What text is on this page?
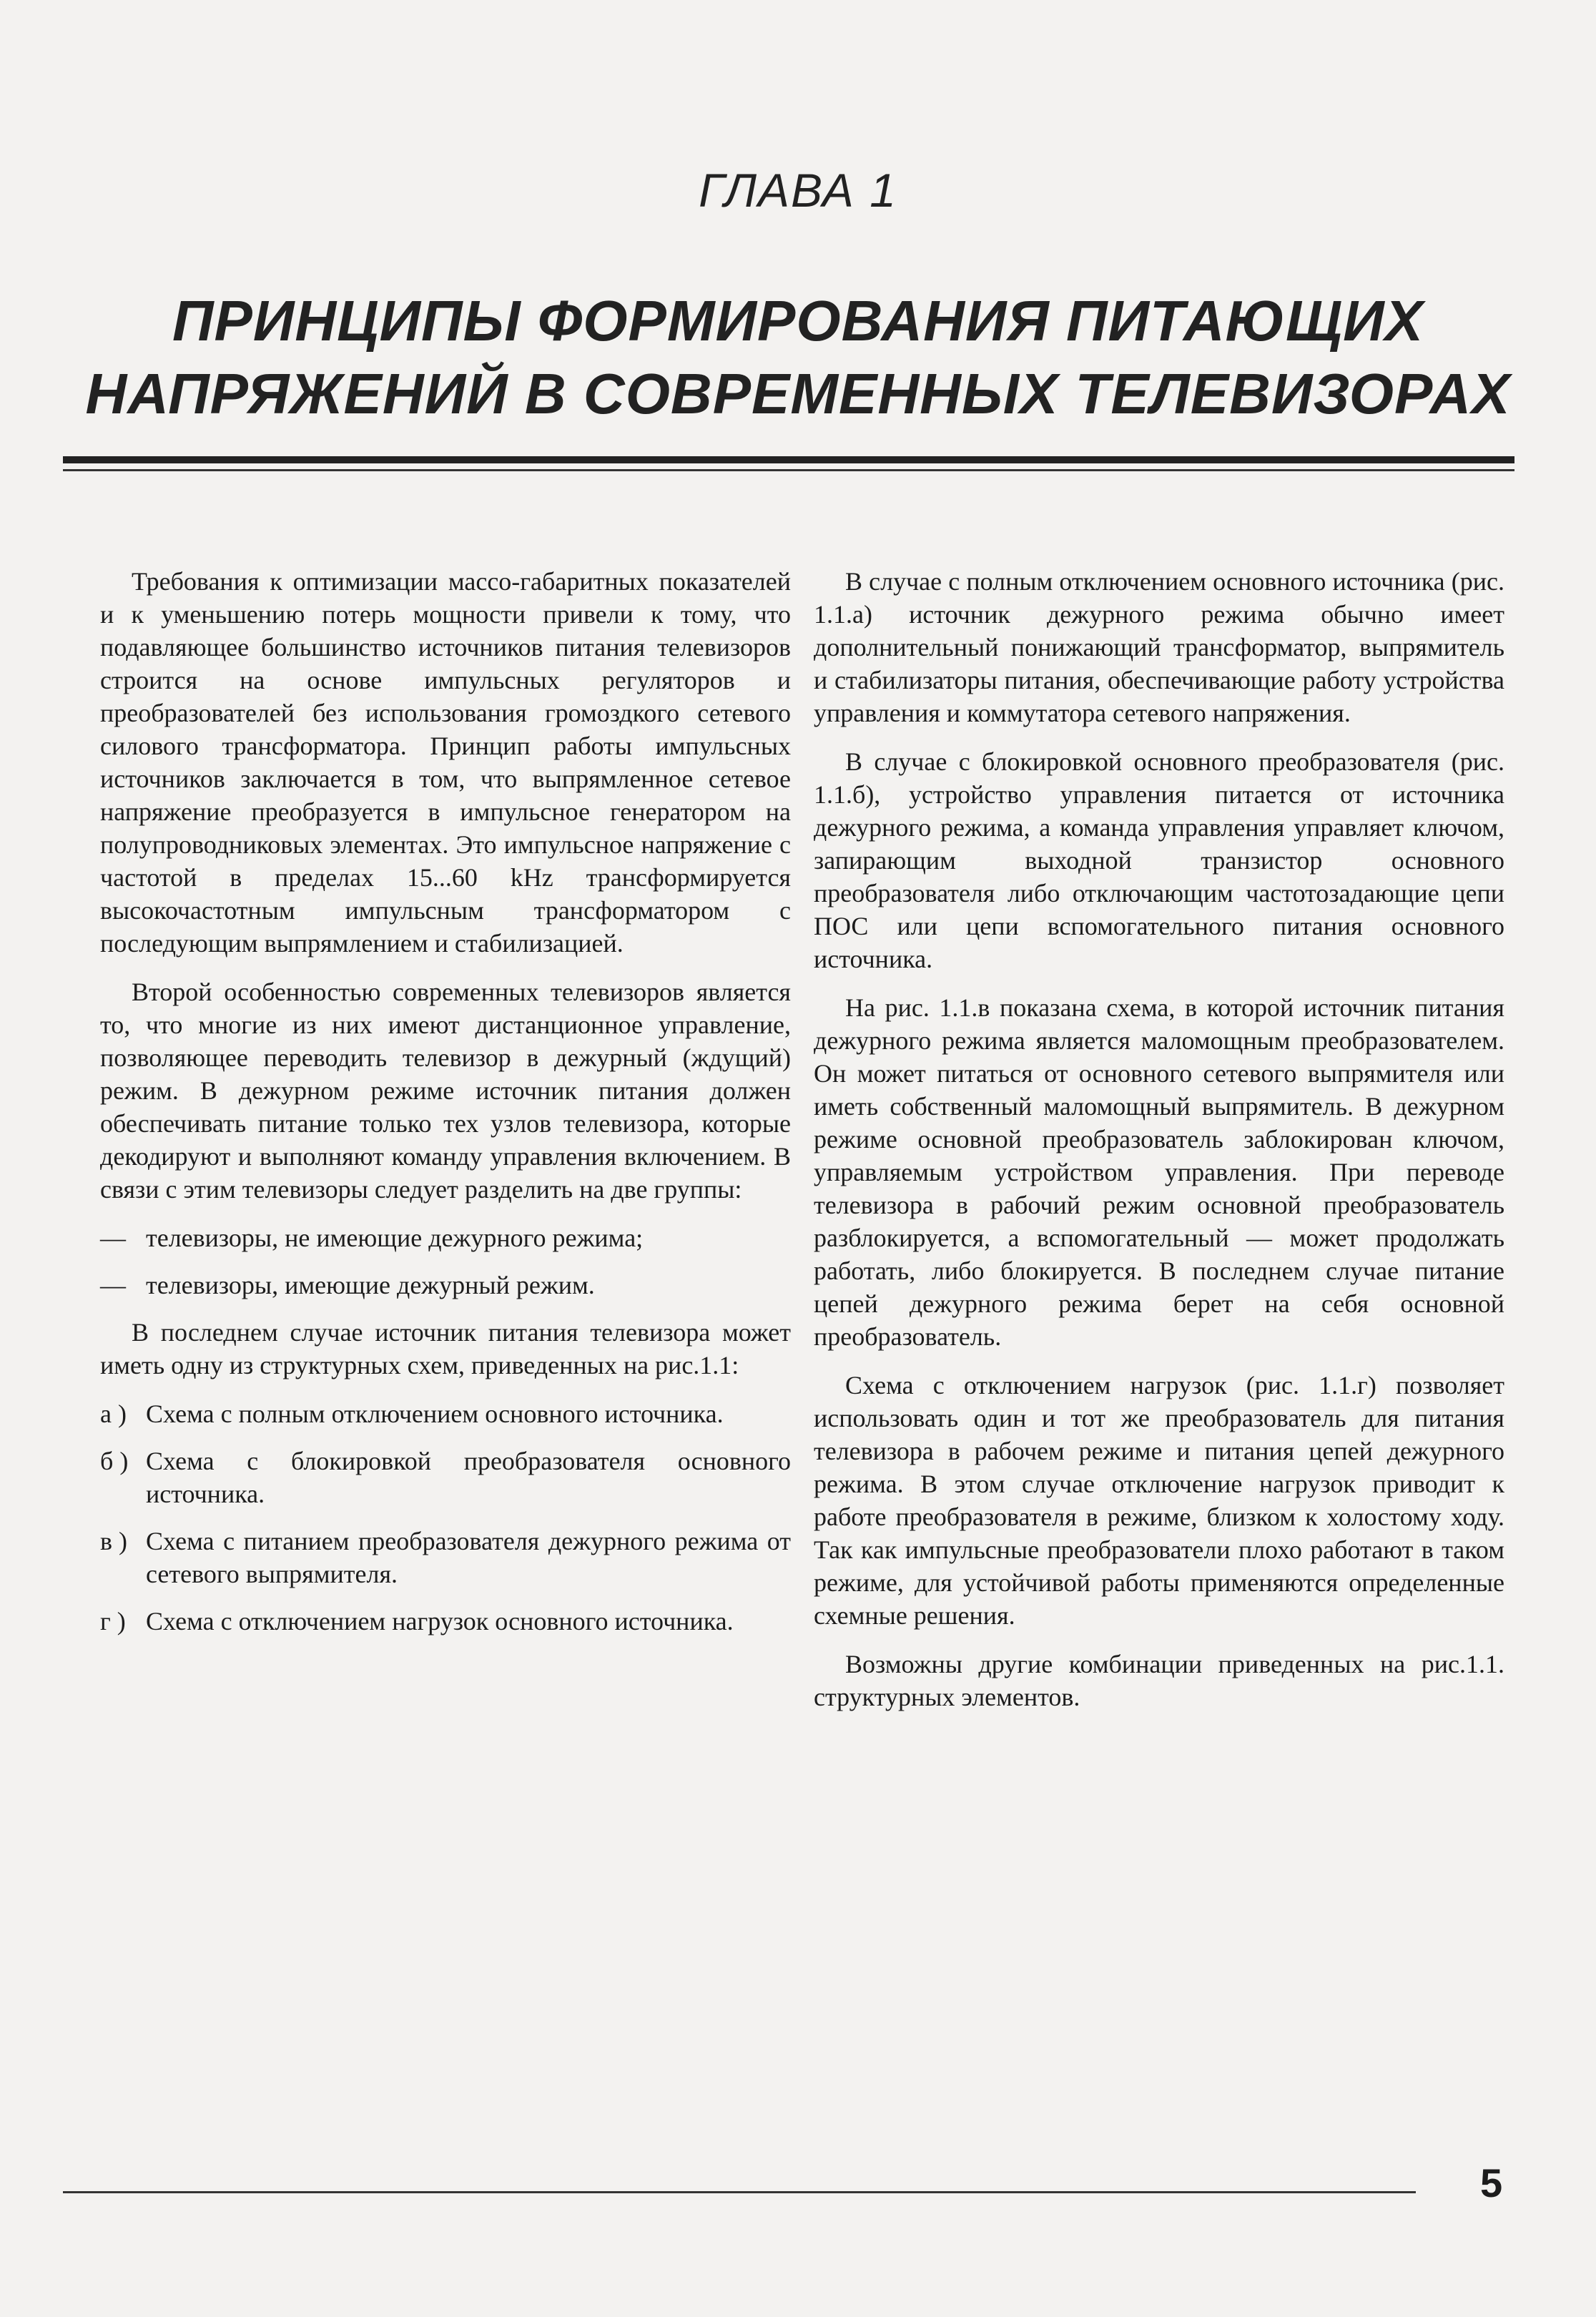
ГЛАВА 1
ПРИНЦИПЫ ФОРМИРОВАНИЯ ПИТАЮЩИХ
НАПРЯЖЕНИЙ В СОВРЕМЕННЫХ ТЕЛЕВИЗОРАХ

Требования к оптимизации массо-габаритных показателей и к уменьшению потерь мощности привели к тому, что подавляющее большинство источников питания телевизоров строится на основе импульсных регуляторов и преобразователей без использования громоздкого сетевого силового трансформатора. Принцип работы импульсных источников заключается в том, что выпрямленное сетевое напряжение преобразуется в импульсное генератором на полупроводниковых элементах. Это импульсное напряжение с частотой в пределах 15...60 kHz трансформируется высокочастотным импульсным трансформатором с последующим выпрямлением и стабилизацией.

Второй особенностью современных телевизоров является то, что многие из них имеют дистанционное управление, позволяющее переводить телевизор в дежурный (ждущий) режим. В дежурном режиме источник питания должен обеспечивать питание только тех узлов телевизора, которые декодируют и выполняют команду управления включением. В связи с этим телевизоры следует разделить на две группы:

— телевизоры, не имеющие дежурного режима;
— телевизоры, имеющие дежурный режим.

В последнем случае источник питания телевизора может иметь одну из структурных схем, приведенных на рис.1.1:

а ) Схема с полным отключением основного источника.
б ) Схема с блокировкой преобразователя основного источника.
в ) Схема с питанием преобразователя дежурного режима от сетевого выпрямителя.
г ) Схема с отключением нагрузок основного источника.

В случае с полным отключением основного источника (рис. 1.1.а) источник дежурного режима обычно имеет дополнительный понижающий трансформатор, выпрямитель и стабилизаторы питания, обеспечивающие работу устройства управления и коммутатора сетевого напряжения.

В случае с блокировкой основного преобразователя (рис. 1.1.б), устройство управления питается от источника дежурного режима, а команда управления управляет ключом, запирающим выходной транзистор основного преобразователя либо отключающим частотозадающие цепи ПОС или цепи вспомогательного питания основного источника.

На рис. 1.1.в показана схема, в которой источник питания дежурного режима является маломощным преобразователем. Он может питаться от основного сетевого выпрямителя или иметь собственный маломощный выпрямитель. В дежурном режиме основной преобразователь заблокирован ключом, управляемым устройством управления. При переводе телевизора в рабочий режим основной преобразователь разблокируется, а вспомогательный — может продолжать работать, либо блокируется. В последнем случае питание цепей дежурного режима берет на себя основной преобразователь.

Схема с отключением нагрузок (рис. 1.1.г) позволяет использовать один и тот же преобразователь для питания телевизора в рабочем режиме и питания цепей дежурного режима. В этом случае отключение нагрузок приводит к работе преобразователя в режиме, близком к холостому ходу. Так как импульсные преобразователи плохо работают в таком режиме, для устойчивой работы применяются определенные схемные решения.

Возможны другие комбинации приведенных на рис.1.1. структурных элементов.

5
